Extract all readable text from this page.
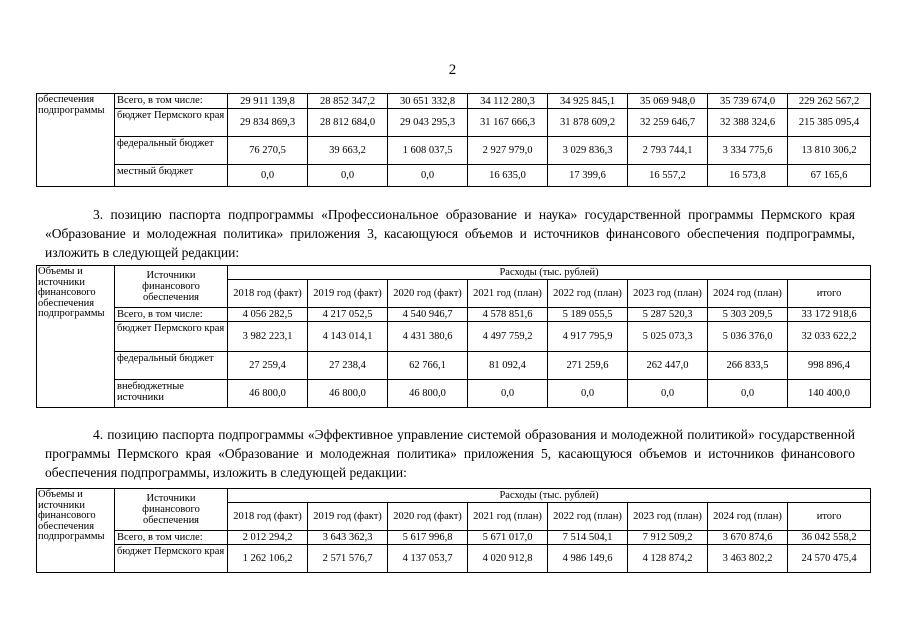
2
обеспечения подпрограммы	Всего, в том числе:	29 911 139,8	28 852 347,2	30 651 332,8	34 112 280,3	34 925 845,1	35 069 948,0	35 739 674,0	229 262 567,2
	бюджет Пермского края	29 834 869,3	28 812 684,0	29 043 295,3	31 167 666,3	31 878 609,2	32 259 646,7	32 388 324,6	215 385 095,4
	федеральный бюджет	76 270,5	39 663,2	1 608 037,5	2 927 979,0	3 029 836,3	2 793 744,1	3 334 775,6	13 810 306,2
	местный бюджет	0,0	0,0	0,0	16 635,0	17 399,6	16 557,2	16 573,8	67 165,6
3. позицию паспорта подпрограммы «Профессиональное образование и наука» государственной программы Пермского края «Образование и молодежная политика» приложения 3, касающуюся объемов и источников финансового обеспечения подпрограммы, изложить в следующей редакции:
Объемы и источники финансового обеспечения подпрограммы	Источники финансового обеспечения	Расходы (тыс. рублей)							
		2018 год (факт)	2019 год (факт)	2020 год (факт)	2021 год (план)	2022 год (план)	2023 год (план)	2024 год (план)	итого
	Всего, в том числе:	4 056 282,5	4 217 052,5	4 540 946,7	4 578 851,6	5 189 055,5	5 287 520,3	5 303 209,5	33 172 918,6
	бюджет Пермского края	3 982 223,1	4 143 014,1	4 431 380,6	4 497 759,2	4 917 795,9	5 025 073,3	5 036 376,0	32 033 622,2
	федеральный бюджет	27 259,4	27 238,4	62 766,1	81 092,4	271 259,6	262 447,0	266 833,5	998 896,4
	внебюджетные источники	46 800,0	46 800,0	46 800,0	0,0	0,0	0,0	0,0	140 400,0
4. позицию паспорта подпрограммы «Эффективное управление системой образования и молодежной политикой» государственной программы Пермского края «Образование и молодежная политика» приложения 5, касающуюся объемов и источников финансового обеспечения подпрограммы, изложить в следующей редакции:
Объемы и источники финансового обеспечения подпрограммы	Источники финансового обеспечения	Расходы (тыс. рублей)							
		2018 год (факт)	2019 год (факт)	2020 год (факт)	2021 год (план)	2022 год (план)	2023 год (план)	2024 год (план)	итого
	Всего, в том числе:	2 012 294,2	3 643 362,3	5 617 996,8	5 671 017,0	7 514 504,1	7 912 509,2	3 670 874,6	36 042 558,2
	бюджет Пермского края	1 262 106,2	2 571 576,7	4 137 053,7	4 020 912,8	4 986 149,6	4 128 874,2	3 463 802,2	24 570 475,4
